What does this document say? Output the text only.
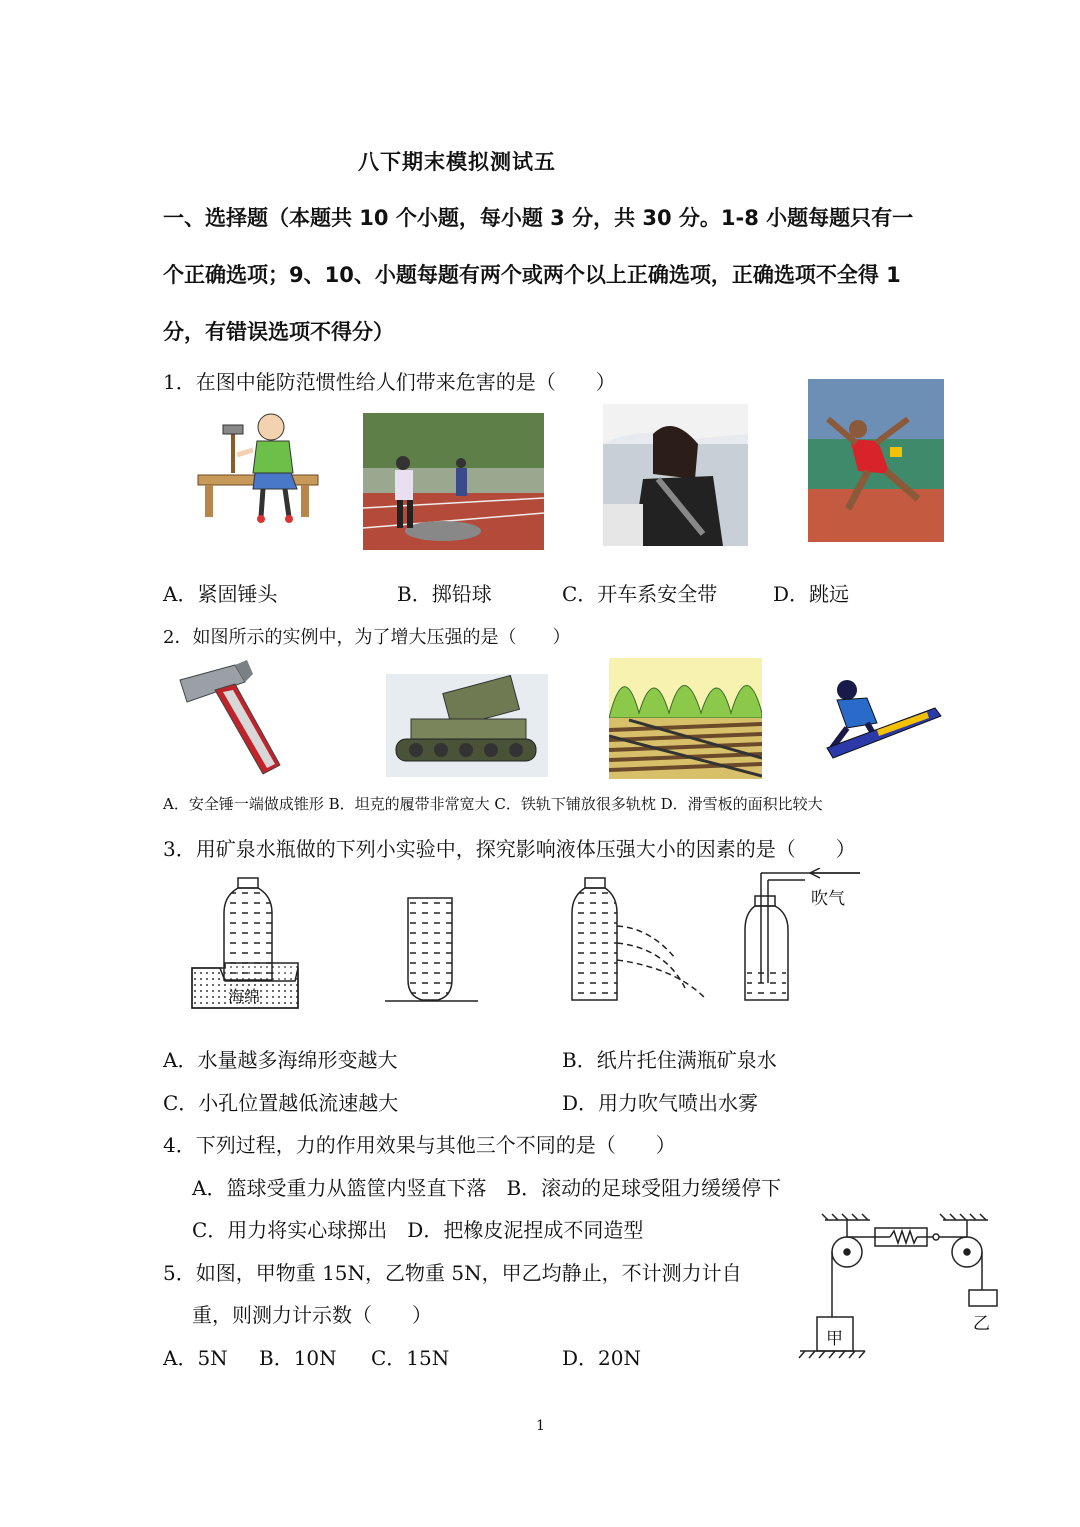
八下期末模拟测试五
一、选择题（本题共 10 个小题，每小题 3 分，共 30 分。1-8 小题每题只有一
个正确选项；9、10、小题每题有两个或两个以上正确选项，正确选项不全得 1
分，有错误选项不得分）
1．在图中能防范惯性给人们带来危害的是（　　）
A．紧固锤头	B．掷铅球	C．开车系安全带	D．跳远
2．如图所示的实例中，为了增大压强的是（　　）
A．安全锤一端做成锥形 B．坦克的履带非常宽大 C．铁轨下铺放很多轨枕 D．滑雪板的面积比较大
3．用矿泉水瓶做的下列小实验中，探究影响液体压强大小的因素的是（　　）
海绵
吹气
A．水量越多海绵形变越大	B．纸片托住满瓶矿泉水
C．小孔位置越低流速越大	D．用力吹气喷出水雾
4．下列过程，力的作用效果与其他三个不同的是（　　）
A．篮球受重力从篮筐内竖直下落　B．滚动的足球受阻力缓缓停下
C．用力将实心球掷出　D．把橡皮泥捏成不同造型
5．如图，甲物重 15N，乙物重 5N，甲乙均静止，不计测力计自
重，则测力计示数（　　）
A．5N B．10N C．15N	D．20N
甲
乙
1
